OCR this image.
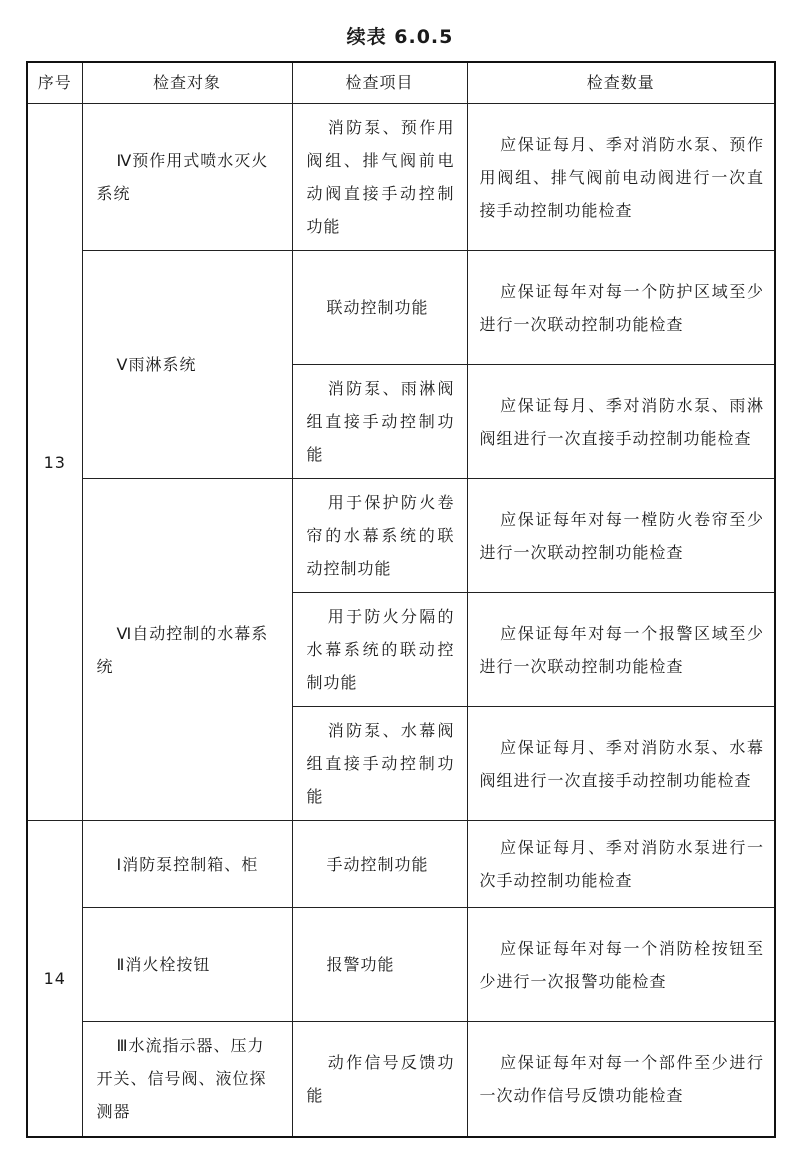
续表 6.0.5
序号	检查对象	检查项目	检查数量
13	Ⅳ预作用式喷水灭火系统	消防泵、预作用阀组、排气阀前电动阀直接手动控制功能	应保证每月、季对消防水泵、预作用阀组、排气阀前电动阀进行一次直接手动控制功能检查
	Ⅴ雨淋系统	联动控制功能	应保证每年对每一个防护区域至少进行一次联动控制功能检查
		消防泵、雨淋阀组直接手动控制功能	应保证每月、季对消防水泵、雨淋阀组进行一次直接手动控制功能检查
	Ⅵ自动控制的水幕系统	用于保护防火卷帘的水幕系统的联动控制功能	应保证每年对每一樘防火卷帘至少进行一次联动控制功能检查
		用于防火分隔的水幕系统的联动控制功能	应保证每年对每一个报警区域至少进行一次联动控制功能检查
		消防泵、水幕阀组直接手动控制功能	应保证每月、季对消防水泵、水幕阀组进行一次直接手动控制功能检查
14	Ⅰ消防泵控制箱、柜	手动控制功能	应保证每月、季对消防水泵进行一次手动控制功能检查
	Ⅱ消火栓按钮	报警功能	应保证每年对每一个消防栓按钮至少进行一次报警功能检查
	Ⅲ水流指示器、压力开关、信号阀、液位探测器	动作信号反馈功能	应保证每年对每一个部件至少进行一次动作信号反馈功能检查
